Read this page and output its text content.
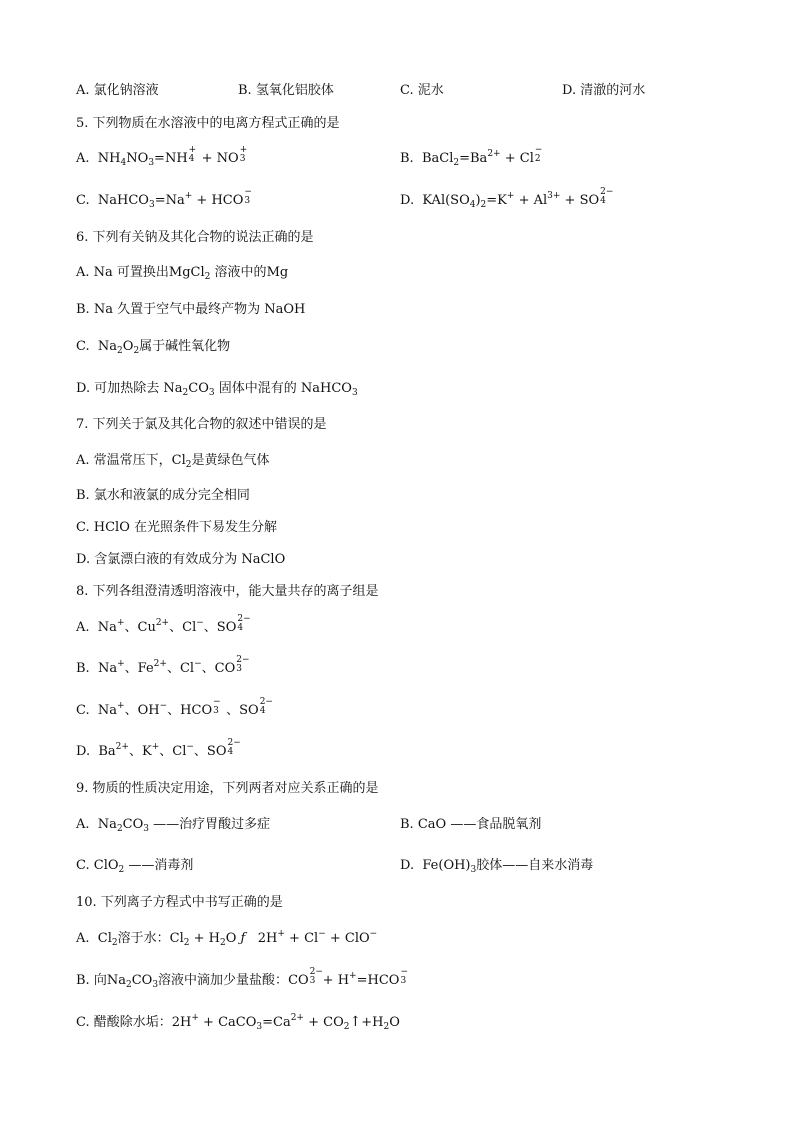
A. 氯化钠溶液	B. 氢氧化铝胶体	C. 泥水	D. 清澈的河水
5. 下列物质在水溶液中的电离方程式正确的是
A.  $NH_4NO_3=NH$
+
4 + NO
+
3	B.  $BaCl_2=Ba^{2+} + Cl$
−
2
C.  NaHCO$_3$=Na+ + HCO
−
3	D.  $KAl(SO_4)_2=K^+ + Al^{3+}$ + SO
2−
4
6. 下列有关钠及其化合物的说法正确的是
A. Na 可置换出MgCl$_2$ 溶液中的Mg
B. Na 久置于空气中最终产物为 NaOH
C.  $Na_2O_2$属于碱性氧化物
D. 可加热除去 $Na_2CO_3$ 固体中混有的 NaHCO$_3$
7. 下列关于氯及其化合物的叙述中错误的是
A. 常温常压下，$Cl_2$是黄绿色气体
B. 氯水和液氯的成分完全相同
C. HClO 在光照条件下易发生分解
D. 含氯漂白液的有效成分为 NaClO
8. 下列各组澄清透明溶液中，能大量共存的离子组是
A.  Na+、$Cu^{2+}$、Cl−、SO
2−
4
B.  Na+、$Fe^{2+}$、Cl−、CO
2−
3
C.  Na+、OH−、HCO
−
3 、SO
2−
4
D.  $Ba^{2+}$、K+、Cl−、SO
2−
4
9. 物质的性质决定用途，下列两者对应关系正确的是
A.  $Na_2CO_3$ ——治疗胃酸过多症	B. CaO ——食品脱氧剂
C. ClO$_2$ ——消毒剂	D.  $Fe(OH)_3$胶体——自来水消毒
10. 下列离子方程式中书写正确的是
A.  $Cl_2$溶于水：$Cl_2 + H_2O$ ƒ   2H+ + Cl− + ClO−
B. 向$Na_2CO_3$溶液中滴加少量盐酸：CO
2−
3 + H+=HCO
−
3
C. 醋酸除水垢：$2H^+ + CaCO_3=Ca^{2+}$ + $CO_2↑+H_2O$
